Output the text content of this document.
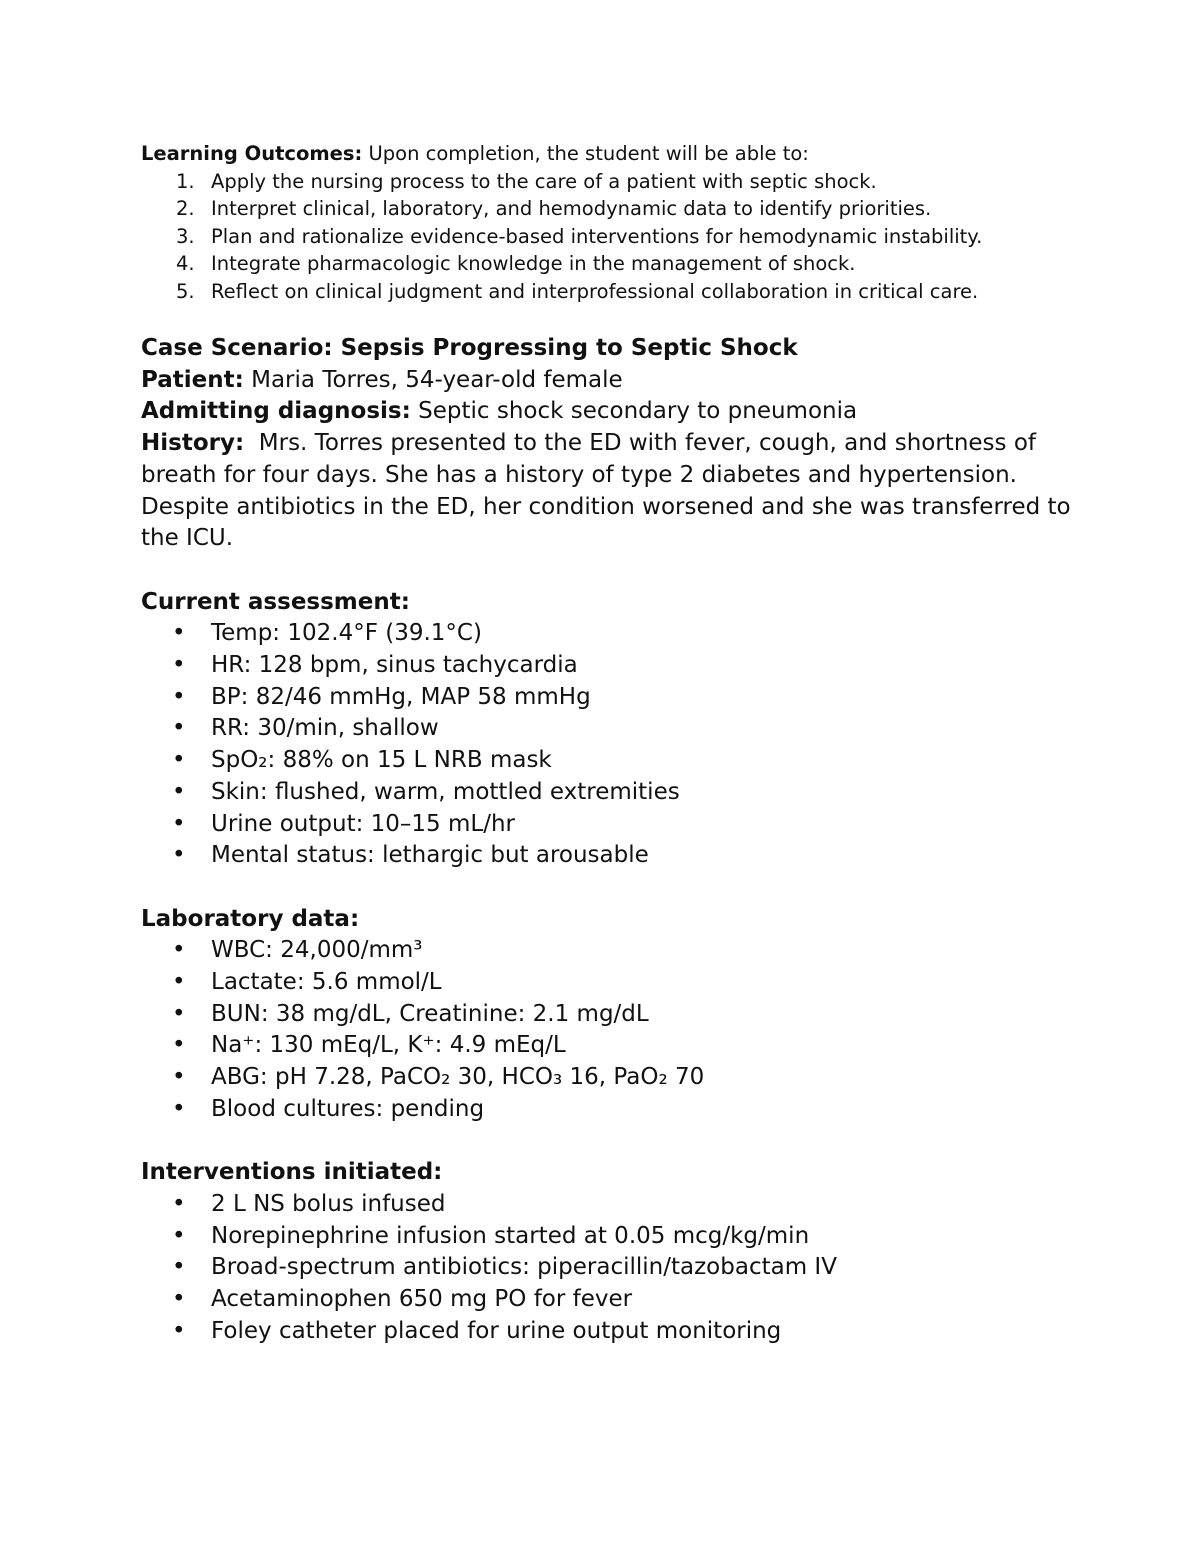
Learning Outcomes: Upon completion, the student will be able to:
1. Apply the nursing process to the care of a patient with septic shock.
2. Interpret clinical, laboratory, and hemodynamic data to identify priorities.
3. Plan and rationalize evidence-based interventions for hemodynamic instability.
4. Integrate pharmacologic knowledge in the management of shock.
5. Reflect on clinical judgment and interprofessional collaboration in critical care.

Case Scenario: Sepsis Progressing to Septic Shock

Patient: Maria Torres, 54-year-old female

Admitting diagnosis: Septic shock secondary to pneumonia

History:  Mrs. Torres presented to the ED with fever, cough, and shortness of breath for four days. She has a history of type 2 diabetes and hypertension. Despite antibiotics in the ED, her condition worsened and she was transferred to the ICU.

Current assessment:

• Temp: 102.4°F (39.1°C)
• HR: 128 bpm, sinus tachycardia
• BP: 82/46 mmHg, MAP 58 mmHg
• RR: 30/min, shallow
• SpO₂: 88% on 15 L NRB mask
• Skin: flushed, warm, mottled extremities
• Urine output: 10–15 mL/hr
• Mental status: lethargic but arousable

Laboratory data:

• WBC: 24,000/mm³
• Lactate: 5.6 mmol/L
• BUN: 38 mg/dL, Creatinine: 2.1 mg/dL
• Na⁺: 130 mEq/L, K⁺: 4.9 mEq/L
• ABG: pH 7.28, PaCO₂ 30, HCO₃ 16, PaO₂ 70
• Blood cultures: pending

Interventions initiated:

• 2 L NS bolus infused
• Norepinephrine infusion started at 0.05 mcg/kg/min
• Broad-spectrum antibiotics: piperacillin/tazobactam IV
• Acetaminophen 650 mg PO for fever
• Foley catheter placed for urine output monitoring
